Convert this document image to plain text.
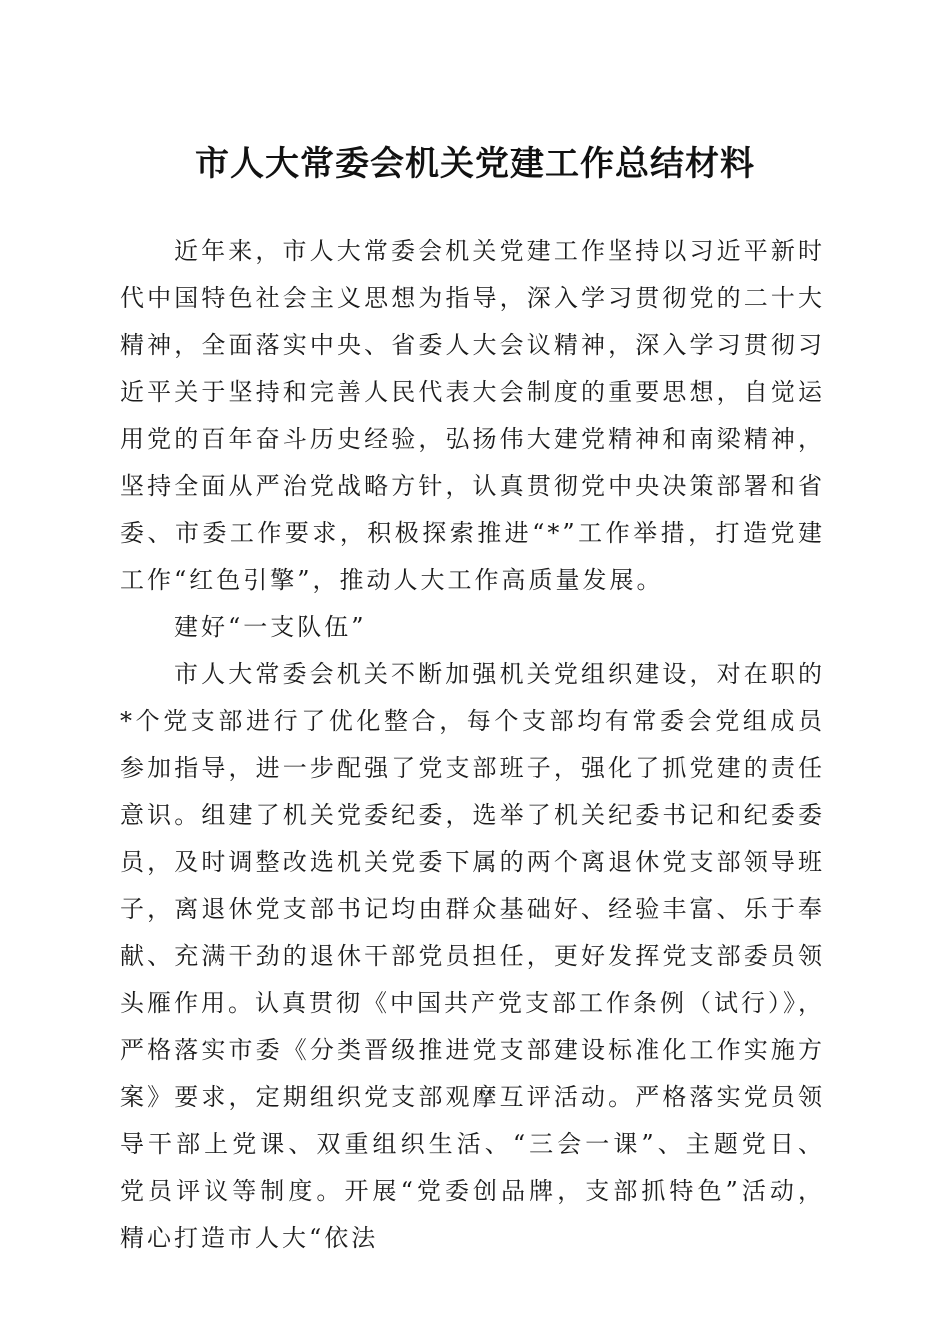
市人大常委会机关党建工作总结材料

近年来，市人大常委会机关党建工作坚持以习近平新时代中国特色社会主义思想为指导，深入学习贯彻党的二十大精神，全面落实中央、省委人大会议精神，深入学习贯彻习近平关于坚持和完善人民代表大会制度的重要思想，自觉运用党的百年奋斗历史经验，弘扬伟大建党精神和南梁精神，坚持全面从严治党战略方针，认真贯彻党中央决策部署和省委、市委工作要求，积极探索推进“*”工作举措，打造党建工作“红色引擎”，推动人大工作高质量发展。

建好“一支队伍”

市人大常委会机关不断加强机关党组织建设，对在职的*个党支部进行了优化整合，每个支部均有常委会党组成员参加指导，进一步配强了党支部班子，强化了抓党建的责任意识。组建了机关党委纪委，选举了机关纪委书记和纪委委员，及时调整改选机关党委下属的两个离退休党支部领导班子，离退休党支部书记均由群众基础好、经验丰富、乐于奉献、充满干劲的退休干部党员担任，更好发挥党支部委员领头雁作用。认真贯彻《中国共产党支部工作条例（试行）》，严格落实市委《分类晋级推进党支部建设标准化工作实施方案》要求，定期组织党支部观摩互评活动。严格落实党员领导干部上党课、双重组织生活、“三会一课”、主题党日、党员评议等制度。开展“党委创品牌，支部抓特色”活动，精心打造市人大“依法
